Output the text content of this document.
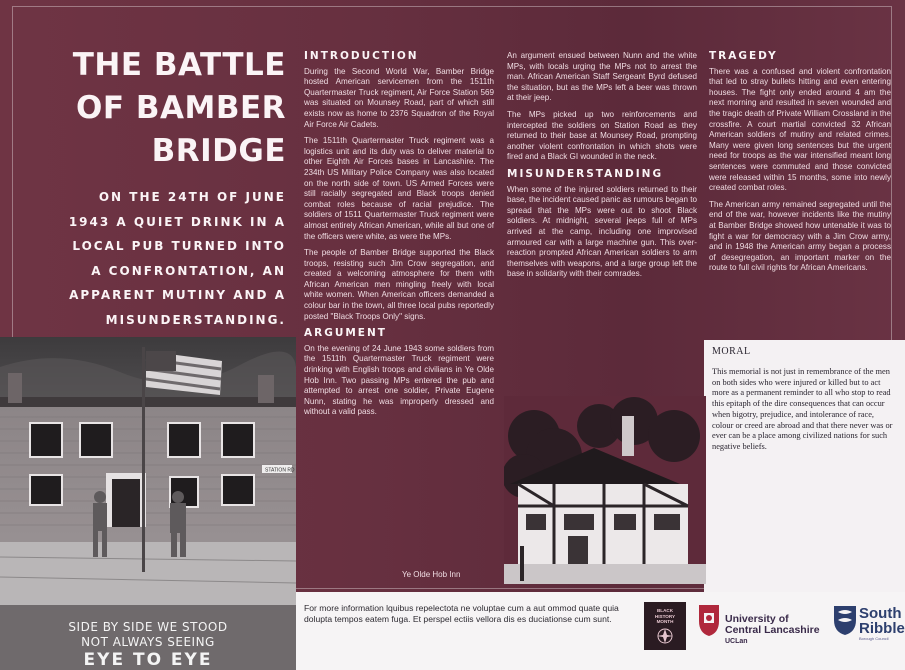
THE BATTLE
OF BAMBER
BRIDGE
ON THE 24TH OF JUNE
1943 A QUIET DRINK IN A
LOCAL PUB TURNED INTO
A CONFRONTATION, AN
APPARENT MUTINY AND A
MISUNDERSTANDING.
INTRODUCTION

During the Second World War, Bamber Bridge hosted American servicemen from the 1511th Quartermaster Truck regiment, Air Force Station 569 was situated on Mounsey Road, part of which still exists now as home to 2376 Squadron of the Royal Air Force Air Cadets.

The 1511th Quartermaster Truck regiment was a logistics unit and its duty was to deliver material to other Eighth Air Forces bases in Lancashire. The 234th US Military Police Company was also located on the north side of town. US Armed Forces were still racially segregated and Black troops denied combat roles because of racial prejudice. The soldiers of 1511 Quartermaster Truck regiment were almost entirely African American, while all but one of the officers were white, as were the MPs.

The people of Bamber Bridge supported the Black troops, resisting such Jim Crow segregation, and created a welcoming atmosphere for them with African American men mingling freely with local white women. When American officers demanded a colour bar in the town, all three local pubs reportedly posted "Black Troops Only" signs.

ARGUMENT

On the evening of 24 June 1943 some soldiers from the 1511th Quartermaster Truck regiment were drinking with English troops and civilians in Ye Olde Hob Inn. Two passing MPs entered the pub and attempted to arrest one soldier, Private Eugene Nunn, stating he was improperly dressed and without a valid pass.

An argument ensued between Nunn and the white MPs, with locals urging the MPs not to arrest the man. African American Staff Sergeant Byrd defused the situation, but as the MPs left a beer was thrown at their jeep.

The MPs picked up two reinforcements and intercepted the soldiers on Station Road as they returned to their base at Mounsey Road, prompting another violent confrontation in which shots were fired and a Black GI wounded in the neck.

MISUNDERSTANDING

When some of the injured soldiers returned to their base, the incident caused panic as rumours began to spread that the MPs were out to shoot Black soldiers. At midnight, several jeeps full of MPs arrived at the camp, including one improvised armoured car with a large machine gun. This over-reaction prompted African American soldiers to arm themselves with weapons, and a large group left the base in solidarity with their comrades.

TRAGEDY

There was a confused and violent confrontation that led to stray bullets hitting and even entering houses. The fight only ended around 4 am the next morning and resulted in seven wounded and the tragic death of Private William Crossland in the crossfire. A court martial convicted 32 African American soldiers of mutiny and related crimes. Many were given long sentences but the urgent need for troops as the war intensified meant long sentences were commuted and those convicted were released within 15 months, some into newly created combat roles.

The American army remained segregated until the end of the war, however incidents like the mutiny at Bamber Bridge showed how untenable it was to fight a war for democracy with a Jim Crow army, and in 1948 the American army began a process of desegregation, an important marker on the route to full civil rights for African Americans.

MORAL

This memorial is not just in remembrance of the men on both sides who were injured or killed but to act more as a permanent reminder to all who stop to read this epitaph of the dire consequences that can occur when bigotry, prejudice, and intolerance of race, colour or creed are abroad and that there never was or ever can be a place among civilized nations for such negative beliefs.

STATION RD
SIDE BY SIDE WE STOOD
NOT ALWAYS SEEING
EYE TO EYE
Ye Olde Hob Inn
For more information lquibus repelectota ne voluptae cum a aut ommod quate quia dolupta tempos eatem fuga. Et perspel ectiis vellora dis es duciationse cum sunt.
BLACK
HISTORY
MONTH	University of
Central Lancashire
UCLan
South
Ribble
Borough Council
